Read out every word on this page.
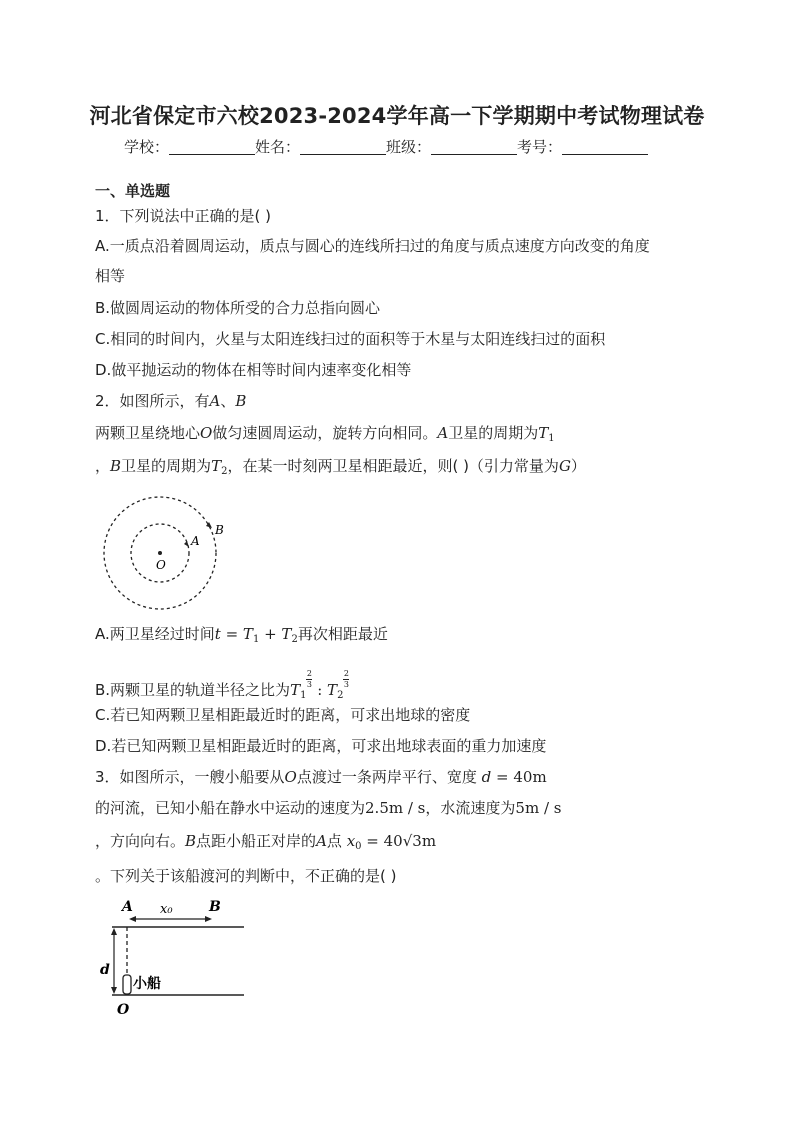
河北省保定市六校2023-2024学年高一下学期期中考试物理试卷
学校：	姓名：	班级：	考号：
一、单选题
1．下列说法中正确的是( )
A.一质点沿着圆周运动，质点与圆心的连线所扫过的角度与质点速度方向改变的角度
相等
B.做圆周运动的物体所受的合力总指向圆心
C.相同的时间内，火星与太阳连线扫过的面积等于木星与太阳连线扫过的面积
D.做平抛运动的物体在相等时间内速率变化相等
2．如图所示，有A、B
两颗卫星绕地心O做匀速圆周运动，旋转方向相同。A卫星的周期为$T_1$
，B卫星的周期为$T_2$，在某一时刻两卫星相距最近，则( )（引力常量为G）
A
B
O
A.两卫星经过时间$t = T_1 + T_2$再次相距最近
B.两颗卫星的轨道半径之比为$T_1$
$\frac{2}{3}$
: $T_2$
$\frac{2}{3}$
C.若已知两颗卫星相距最近时的距离，可求出地球的密度
D.若已知两颗卫星相距最近时的距离，可求出地球表面的重力加速度
3．如图所示，一艘小船要从O点渡过一条两岸平行、宽度 d = 40m
的河流，已知小船在静水中运动的速度为2.5m / s，水流速度为5m / s
，方向向右。B点距小船正对岸的A点 $x_0 = 40√3m$
。下列关于该船渡河的判断中，不正确的是( )
A	B
x₀
d
O
小船
